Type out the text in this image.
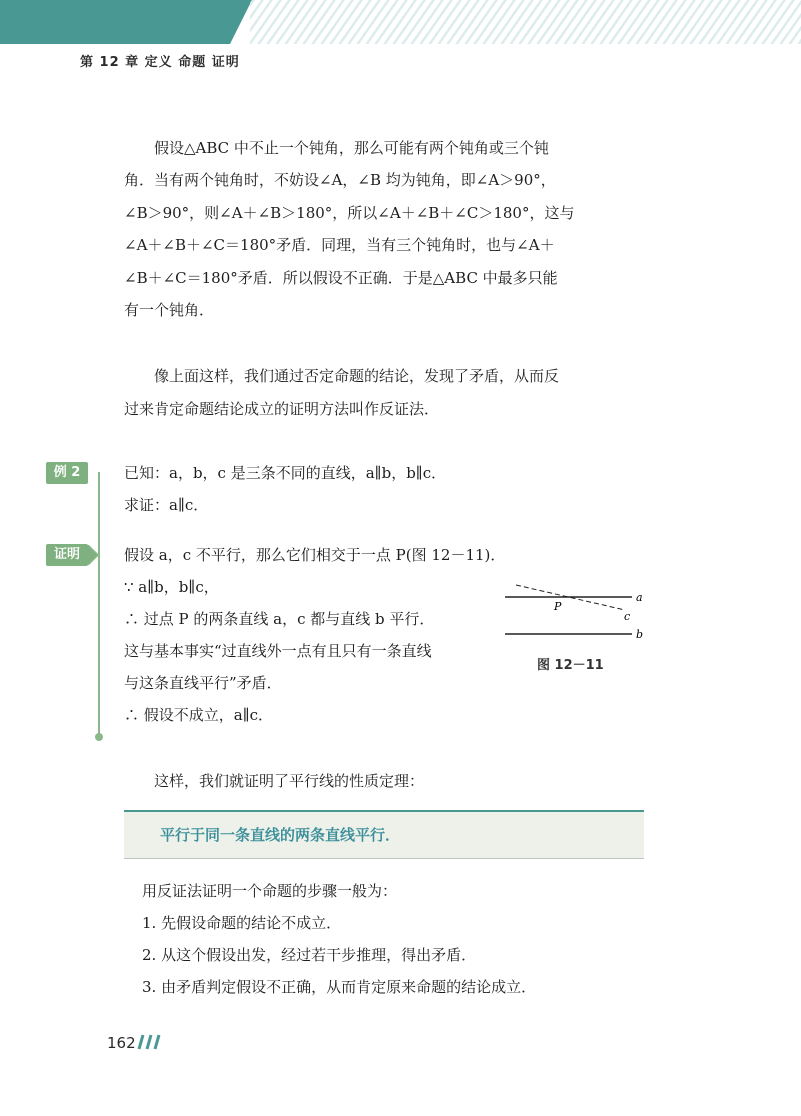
第 12 章 定义 命题 证明
假设△ABC 中不止一个钝角，那么可能有两个钝角或三个钝
角．当有两个钝角时，不妨设∠A，∠B 均为钝角，即∠A＞90°，
∠B＞90°，则∠A＋∠B＞180°，所以∠A＋∠B＋∠C＞180°，这与
∠A＋∠B＋∠C＝180°矛盾．同理，当有三个钝角时，也与∠A＋
∠B＋∠C＝180°矛盾．所以假设不正确．于是△ABC 中最多只能
有一个钝角．
像上面这样，我们通过否定命题的结论，发现了矛盾，从而反
过来肯定命题结论成立的证明方法叫作反证法．
例 2	已知：a，b，c 是三条不同的直线，a∥b，b∥c．
求证：a∥c．
证明	假设 a，c 不平行，那么它们相交于一点 P(图 12－11)．
∵ a∥b，b∥c，
∴ 过点 P 的两条直线 a，c 都与直线 b 平行．
这与基本事实“过直线外一点有且只有一条直线
与这条直线平行”矛盾．
∴ 假设不成立，a∥c．
P
a
c
b
图 12－11
这样，我们就证明了平行线的性质定理：
平行于同一条直线的两条直线平行．
用反证法证明一个命题的步骤一般为：
1. 先假设命题的结论不成立．
2. 从这个假设出发，经过若干步推理，得出矛盾．
3. 由矛盾判定假设不正确，从而肯定原来命题的结论成立．
162
